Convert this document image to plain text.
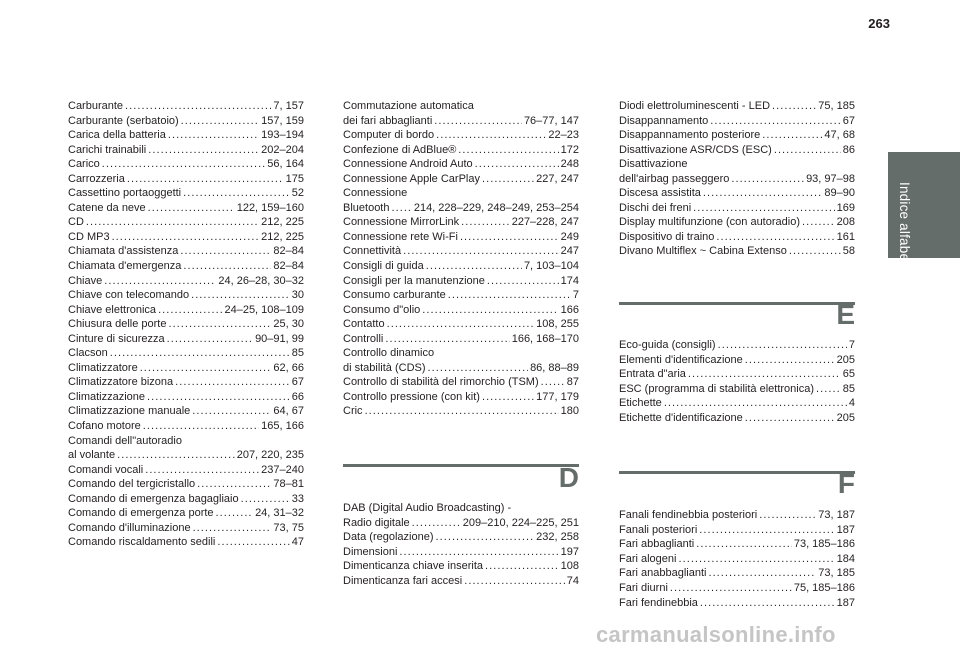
263
Indice alfabetico
Carburante . . .	7, 157
Carburante (serbatoio) . . .	157, 159
Carica della batteria . . .	193–194
Carichi trainabili . . .	202–204
Carico . . .	56, 164
Carrozzeria . . .	175
Cassettino portaoggetti . . .	52
Catene da neve . . .	122, 159–160
CD . . .	212, 225
CD MP3 . . .	212, 225
Chiamata d'assistenza . . .	82–84
Chiamata d'emergenza . . .	82–84
Chiave . . .	24, 26–28, 30–32
Chiave con telecomando . . .	30
Chiave elettronica . . .	24–25, 108–109
Chiusura delle porte . . .	25, 30
Cinture di sicurezza . . .	90–91, 99
Clacson . . .	85
Climatizzatore . . .	62, 66
Climatizzatore bizona . . .	67
Climatizzazione . . .	66
Climatizzazione manuale . . .	64, 67
Cofano motore . . .	165, 166
Comandi dell"autoradio
al volante . . .	207, 220, 235
Comandi vocali . . .	237–240
Comando del tergicristallo . . .	78–81
Comando di emergenza bagagliaio . . .	33
Comando di emergenza porte . . .	24, 31–32
Comando d'illuminazione . . .	73, 75
Comando riscaldamento sedili . . .	47
Commutazione automatica
dei fari abbaglianti . . .	76–77, 147
Computer di bordo . . .	22–23
Confezione di AdBlue® . . .	172
Connessione Android Auto . . .	248
Connessione Apple CarPlay . . .	227, 247
Connessione
Bluetooth . . . 214, 228–229, 248–249, 253–254
Connessione MirrorLink . . .	227–228, 247
Connessione rete Wi-Fi . . .	249
Connettività . . .	247
Consigli di guida . . .	7, 103–104
Consigli per la manutenzione . . .	174
Consumo carburante . . .	7
Consumo d"olio . . .	166
Contatto . . .	108, 255
Controlli . . .	166, 168–170
Controllo dinamico
di stabilità (CDS) . . .	86, 88–89
Controllo di stabilità del rimorchio (TSM) . . .	87
Controllo pressione (con kit) . . .	177, 179
Cric . . .	180
D
DAB (Digital Audio Broadcasting) -
Radio digitale . . .	209–210, 224–225, 251
Data (regolazione) . . .	232, 258
Dimensioni . . .	197
Dimenticanza chiave inserita . . .	108
Dimenticanza fari accesi . . .	74
Diodi elettroluminescenti - LED . . .	75, 185
Disappannamento . . .	67
Disappannamento posteriore . . .	47, 68
Disattivazione ASR/CDS (ESC) . . .	86
Disattivazione
dell'airbag passeggero . . .	93, 97–98
Discesa assistita . . .	89–90
Dischi dei freni . . .	169
Display multifunzione (con autoradio) . . .	208
Dispositivo di traino . . .	161
Divano Multiflex ~ Cabina Extenso . . .	58
E
Eco-guida (consigli) . . .	7
Elementi d'identificazione . . .	205
Entrata d"aria . . .	65
ESC (programma di stabilità elettronica) . . .	85
Etichette . . .	4
Etichette d'identificazione . . .	205
F
Fanali fendinebbia posteriori . . .	73, 187
Fanali posteriori . . .	187
Fari abbaglianti . . .	73, 185–186
Fari alogeni . . .	184
Fari anabbaglianti . . .	73, 185
Fari diurni . . .	75, 185–186
Fari fendinebbia . . .	187
carmanualsonline.info
